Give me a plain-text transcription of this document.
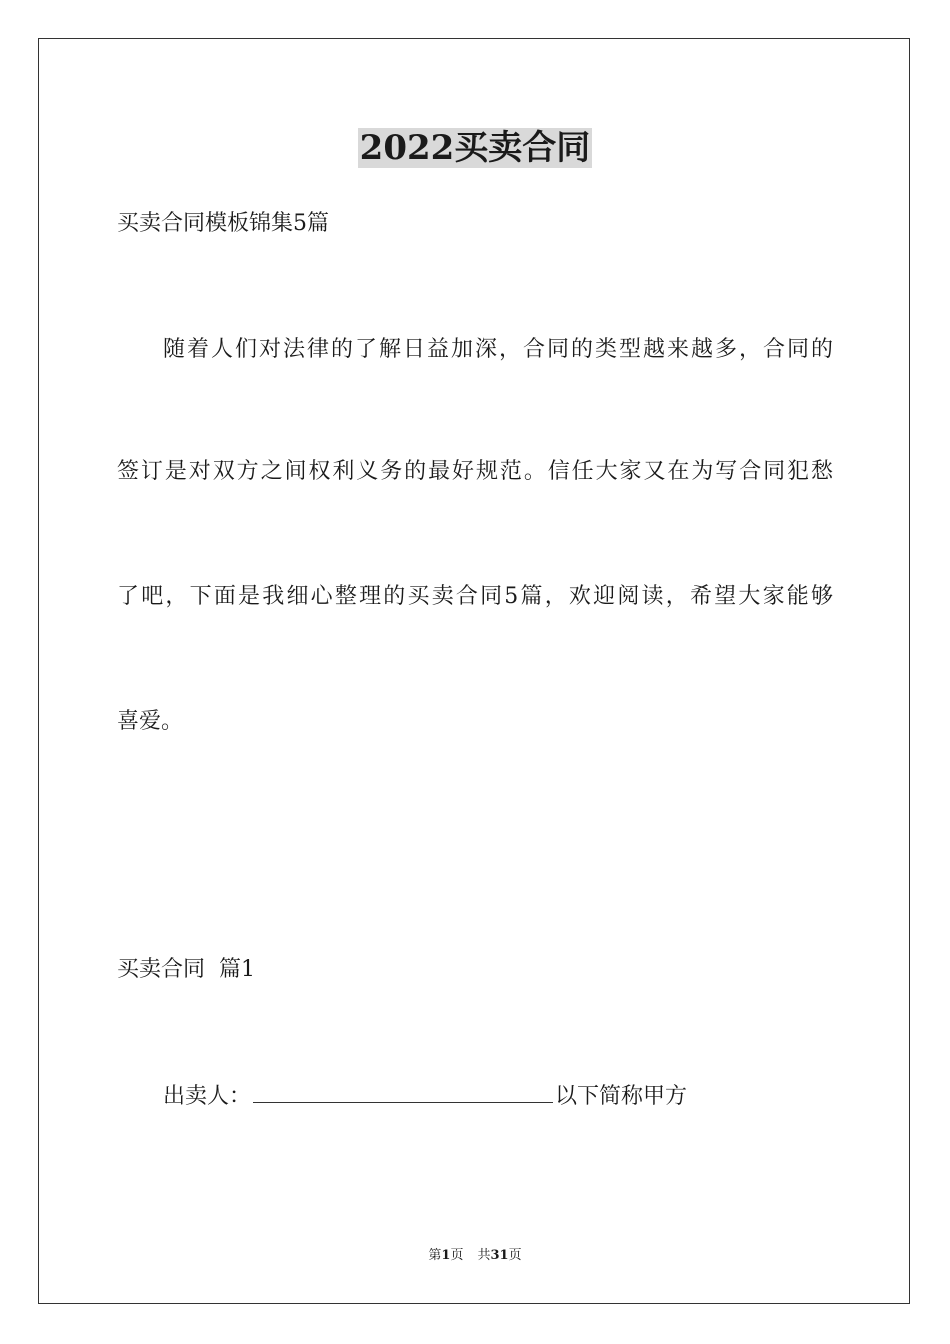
2022买卖合同
买卖合同模板锦集5篇
随着人们对法律的了解日益加深，合同的类型越来越多，合同的
签订是对双方之间权利义务的最好规范。信任大家又在为写合同犯愁
了吧，下面是我细心整理的买卖合同5篇，欢迎阅读，希望大家能够
喜爱。
买卖合同  篇1
出卖人：	以下简称甲方
第1页 共31页
